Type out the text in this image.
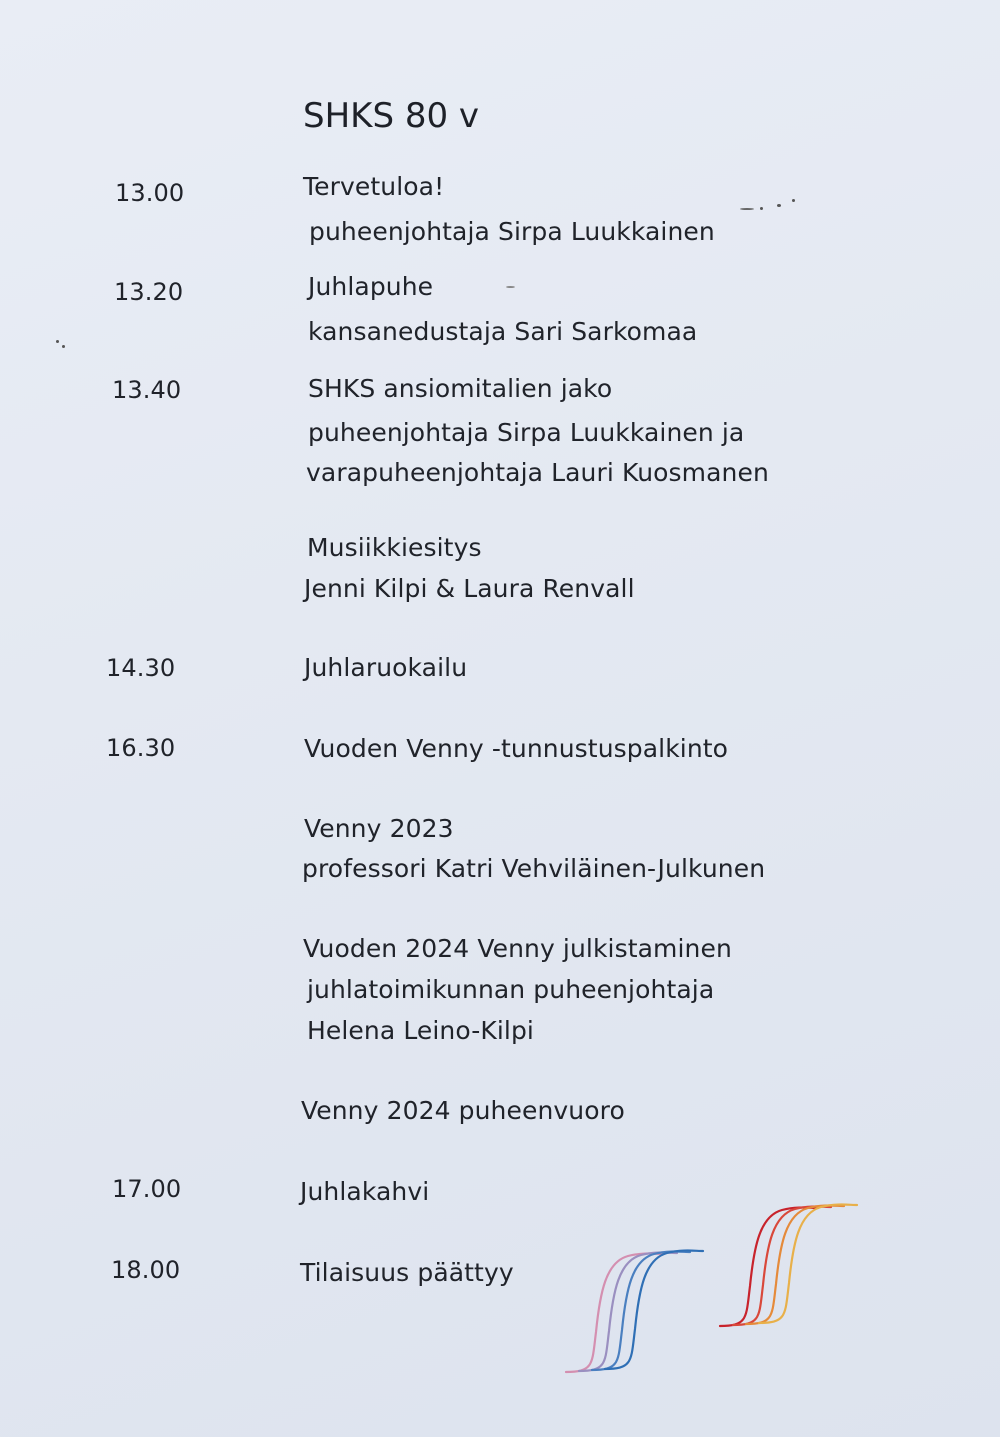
SHKS 80 v
13.00	Tervetuloa!
puheenjohtaja Sirpa Luukkainen
13.20	Juhlapuhe
kansanedustaja Sari Sarkomaa
13.40	SHKS ansiomitalien jako
puheenjohtaja Sirpa Luukkainen ja
varapuheenjohtaja Lauri Kuosmanen
Musiikkiesitys
Jenni Kilpi & Laura Renvall
14.30	Juhlaruokailu
16.30	Vuoden Venny -tunnustuspalkinto
Venny 2023
professori Katri Vehviläinen-Julkunen
Vuoden 2024 Venny julkistaminen
juhlatoimikunnan puheenjohtaja
Helena Leino-Kilpi
Venny 2024 puheenvuoro
17.00	Juhlakahvi
18.00	Tilaisuus päättyy
